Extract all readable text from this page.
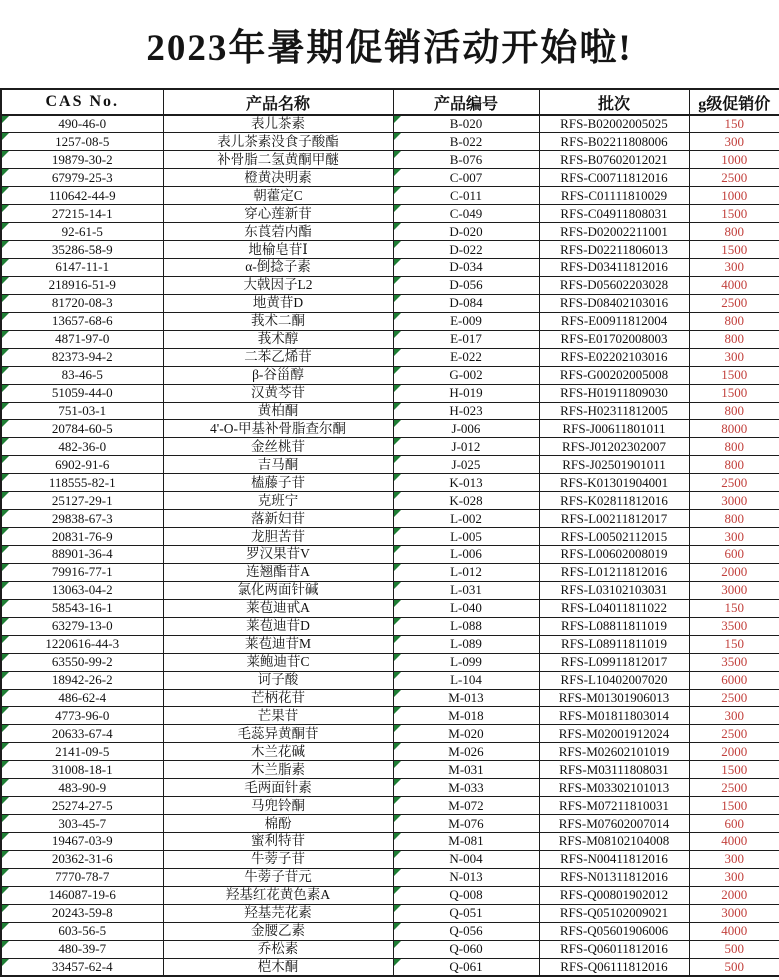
2023年暑期促销活动开始啦!
CAS No.	产品名称	产品编号	批次	g级促销价

490-46-0	表儿茶素	B-020	RFS-B02002005025	150

1257-08-5	表儿茶素没食子酸酯	B-022	RFS-B02211808006	300

19879-30-2	补骨脂二氢黄酮甲醚	B-076	RFS-B07602012021	1000

67979-25-3	橙黄决明素	C-007	RFS-C00711812016	2500

110642-44-9	朝藿定C	C-011	RFS-C01111810029	1000

27215-14-1	穿心莲新苷	C-049	RFS-C04911808031	1500

92-61-5	东莨菪内酯	D-020	RFS-D02002211001	800

35286-58-9	地榆皂苷Ⅰ	D-022	RFS-D02211806013	1500

6147-11-1	α-倒捻子素	D-034	RFS-D03411812016	300

218916-51-9	大戟因子L2	D-056	RFS-D05602203028	4000

81720-08-3	地黄苷D	D-084	RFS-D08402103016	2500

13657-68-6	莪术二酮	E-009	RFS-E00911812004	800

4871-97-0	莪术醇	E-017	RFS-E01702008003	800

82373-94-2	二苯乙烯苷	E-022	RFS-E02202103016	300

83-46-5	β-谷甾醇	G-002	RFS-G00202005008	1500

51059-44-0	汉黄芩苷	H-019	RFS-H01911809030	1500

751-03-1	黄柏酮	H-023	RFS-H02311812005	800

20784-60-5	4'-O-甲基补骨脂查尔酮	J-006	RFS-J00611801011	8000

482-36-0	金丝桃苷	J-012	RFS-J01202302007	800

6902-91-6	吉马酮	J-025	RFS-J02501901011	800

118555-82-1	榼藤子苷	K-013	RFS-K01301904001	2500

25127-29-1	克班宁	K-028	RFS-K02811812016	3000

29838-67-3	落新妇苷	L-002	RFS-L00211812017	800

20831-76-9	龙胆苦苷	L-005	RFS-L00502112015	300

88901-36-4	罗汉果苷V	L-006	RFS-L00602008019	600

79916-77-1	连翘酯苷A	L-012	RFS-L01211812016	2000

13063-04-2	氯化两面针碱	L-031	RFS-L03102103031	3000

58543-16-1	莱苞迪甙A	L-040	RFS-L04011811022	150

63279-13-0	莱苞迪苷D	L-088	RFS-L08811811019	3500

1220616-44-3	莱苞迪苷M	L-089	RFS-L08911811019	150

63550-99-2	莱鲍迪苷C	L-099	RFS-L09911812017	3500

18942-26-2	诃子酸	L-104	RFS-L10402007020	6000

486-62-4	芒柄花苷	M-013	RFS-M01301906013	2500

4773-96-0	芒果苷	M-018	RFS-M01811803014	300

20633-67-4	毛蕊异黄酮苷	M-020	RFS-M02001912024	2500

2141-09-5	木兰花碱	M-026	RFS-M02602101019	2000

31008-18-1	木兰脂素	M-031	RFS-M03111808031	1500

483-90-9	毛两面针素	M-033	RFS-M03302101013	2500

25274-27-5	马兜铃酮	M-072	RFS-M07211810031	1500

303-45-7	棉酚	M-076	RFS-M07602007014	600

19467-03-9	蜜利特苷	M-081	RFS-M08102104008	4000

20362-31-6	牛蒡子苷	N-004	RFS-N00411812016	300

7770-78-7	牛蒡子苷元	N-013	RFS-N01311812016	300

146087-19-6	羟基红花黄色素A	Q-008	RFS-Q00801902012	2000

20243-59-8	羟基芫花素	Q-051	RFS-Q05102009021	3000

603-56-5	金腰乙素	Q-056	RFS-Q05601906006	4000

480-39-7	乔松素	Q-060	RFS-Q06011812016	500

33457-62-4	桤木酮	Q-061	RFS-Q06111812016	500
